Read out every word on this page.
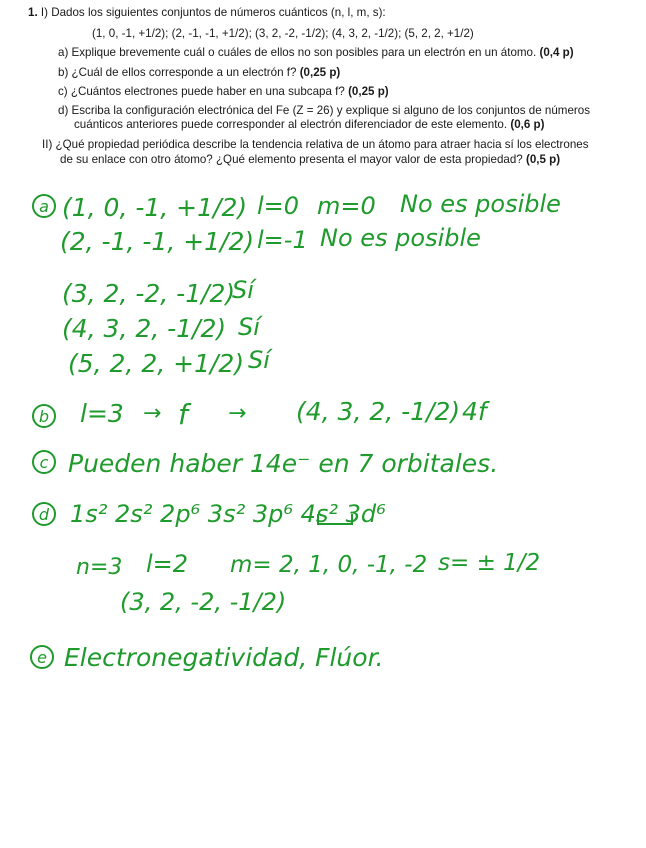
1. I) Dados los siguientes conjuntos de números cuánticos (n, l, m, s):
(1, 0, -1, +1/2); (2, -1, -1, +1/2); (3, 2, -2, -1/2); (4, 3, 2, -1/2); (5, 2, 2, +1/2)
a) Explique brevemente cuál o cuáles de ellos no son posibles para un electrón en un átomo. (0,4 p)
b) ¿Cuál de ellos corresponde a un electrón f? (0,25 p)
c) ¿Cuántos electrones puede haber en una subcapa f? (0,25 p)
d) Escriba la configuración electrónica del Fe (Z = 26) y explique si alguno de los conjuntos de números
cuánticos anteriores puede corresponder al electrón diferenciador de este elemento. (0,6 p)
II) ¿Qué propiedad periódica describe la tendencia relativa de un átomo para atraer hacia sí los electrones
de su enlace con otro átomo? ¿Qué elemento presenta el mayor valor de esta propiedad? (0,5 p)
a
b
c
d
e
(1, 0, -1, +1/2) l=0 m=0 No es posible
(2, -1, -1, +1/2) l=-1 No es posible
(3, 2, -2, -1/2)
Sí
(4, 3, 2, -1/2) Sí
(5, 2, 2, +1/2) Sí
l=3 → f → (4, 3, 2, -1/2) 4f
Pueden haber 14e⁻ en 7 orbitales.
1s² 2s² 2p⁶ 3s² 3p⁶ 4s² 3d⁶
n=3 l=2 m= 2, 1, 0, -1, -2 s= ± 1/2
(3, 2, -2, -1/2)
Electronegatividad, Flúor.
